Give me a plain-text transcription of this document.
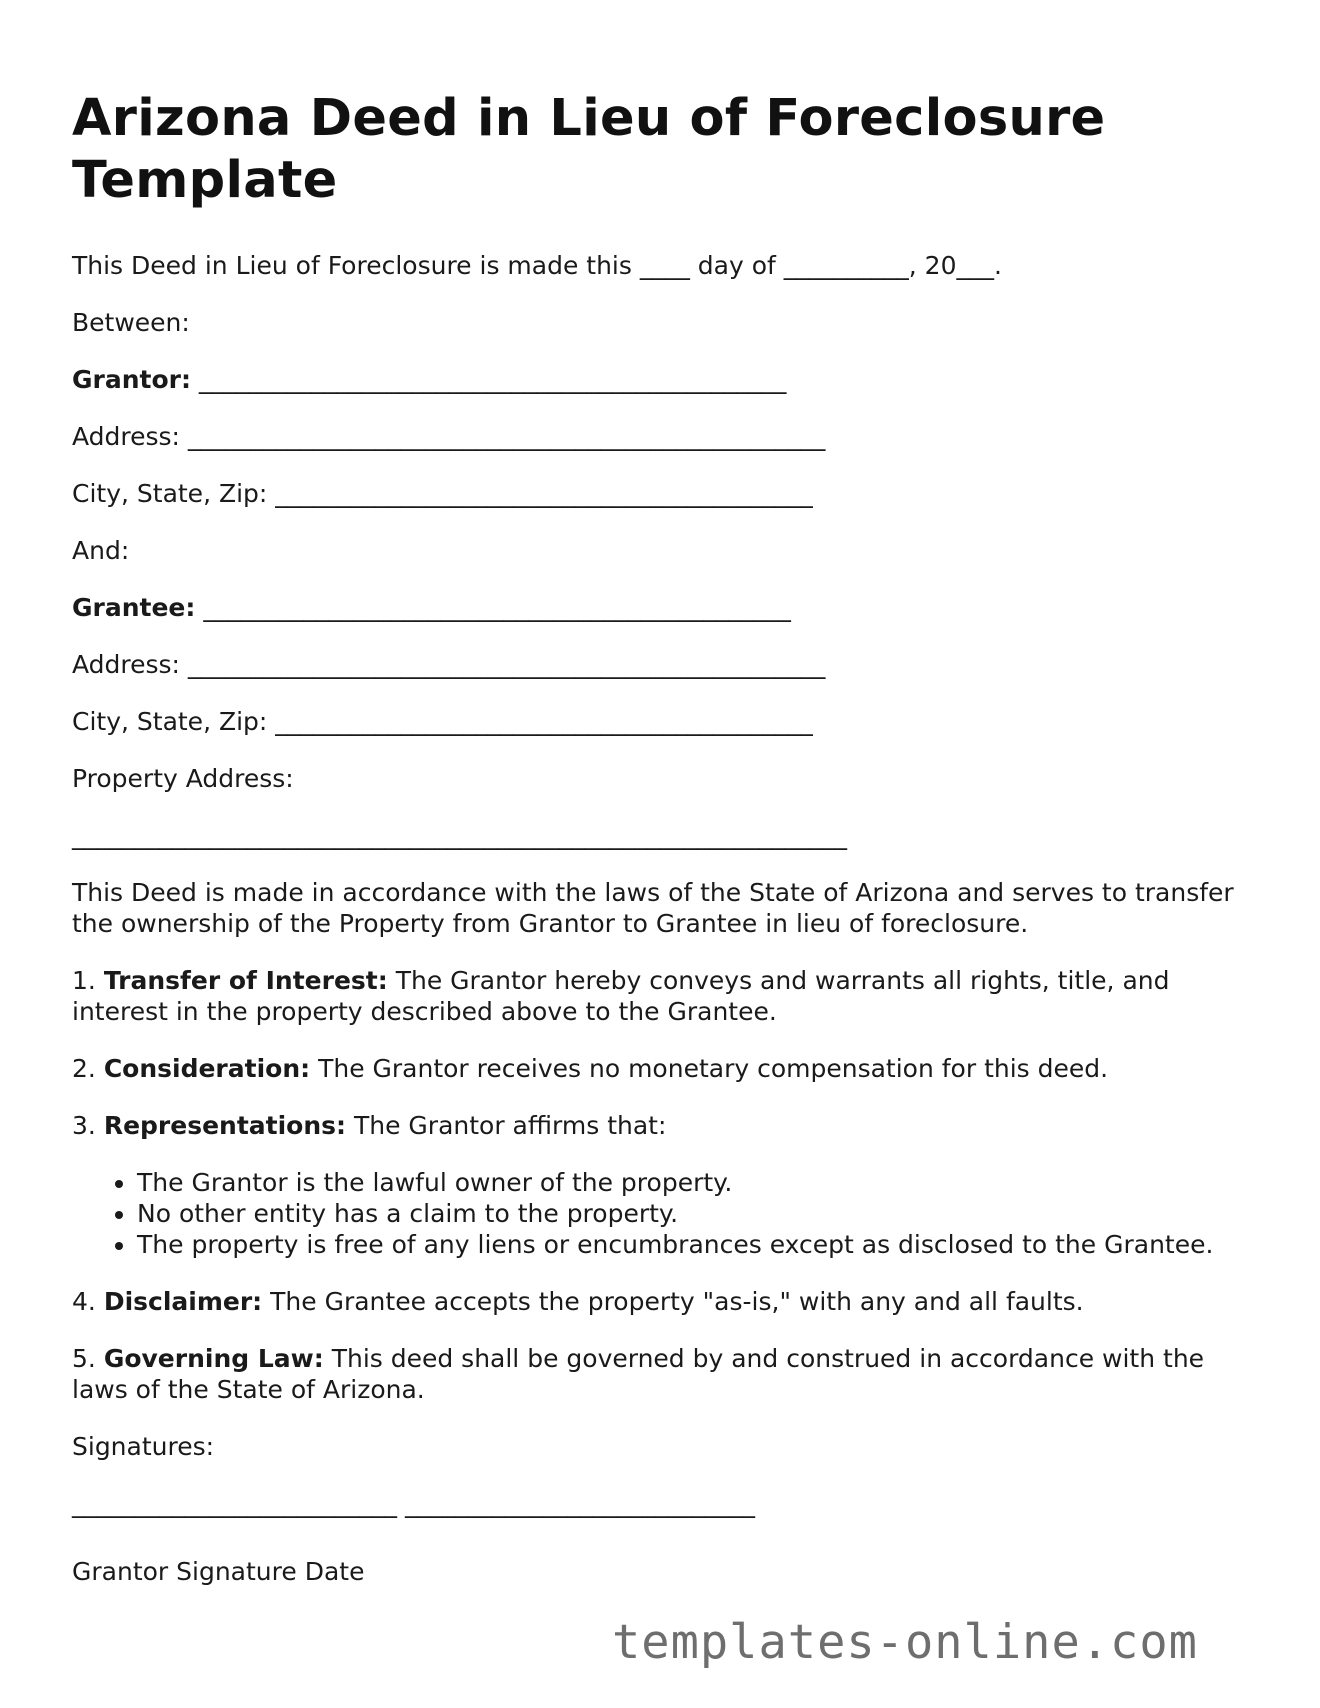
Arizona Deed in Lieu of Foreclosure Template
This Deed in Lieu of Foreclosure is made this ____ day of __________, 20___.
Between:
Grantor: _______________________________________________
Address: ___________________________________________________
City, State, Zip: ___________________________________________
And:
Grantee: _______________________________________________
Address: ___________________________________________________
City, State, Zip: ___________________________________________
Property Address:
______________________________________________________________
This Deed is made in accordance with the laws of the State of Arizona and serves to transfer the ownership of the Property from Grantor to Grantee in lieu of foreclosure.
1. Transfer of Interest: The Grantor hereby conveys and warrants all rights, title, and interest in the property described above to the Grantee.
2. Consideration: The Grantor receives no monetary compensation for this deed.
3. Representations: The Grantor affirms that:
• The Grantor is the lawful owner of the property.
• No other entity has a claim to the property.
• The property is free of any liens or encumbrances except as disclosed to the Grantee.
4. Disclaimer: The Grantee accepts the property "as-is," with any and all faults.
5. Governing Law: This deed shall be governed by and construed in accordance with the laws of the State of Arizona.
Signatures:
__________________________ ____________________________
Grantor Signature Date
templates-online.com
